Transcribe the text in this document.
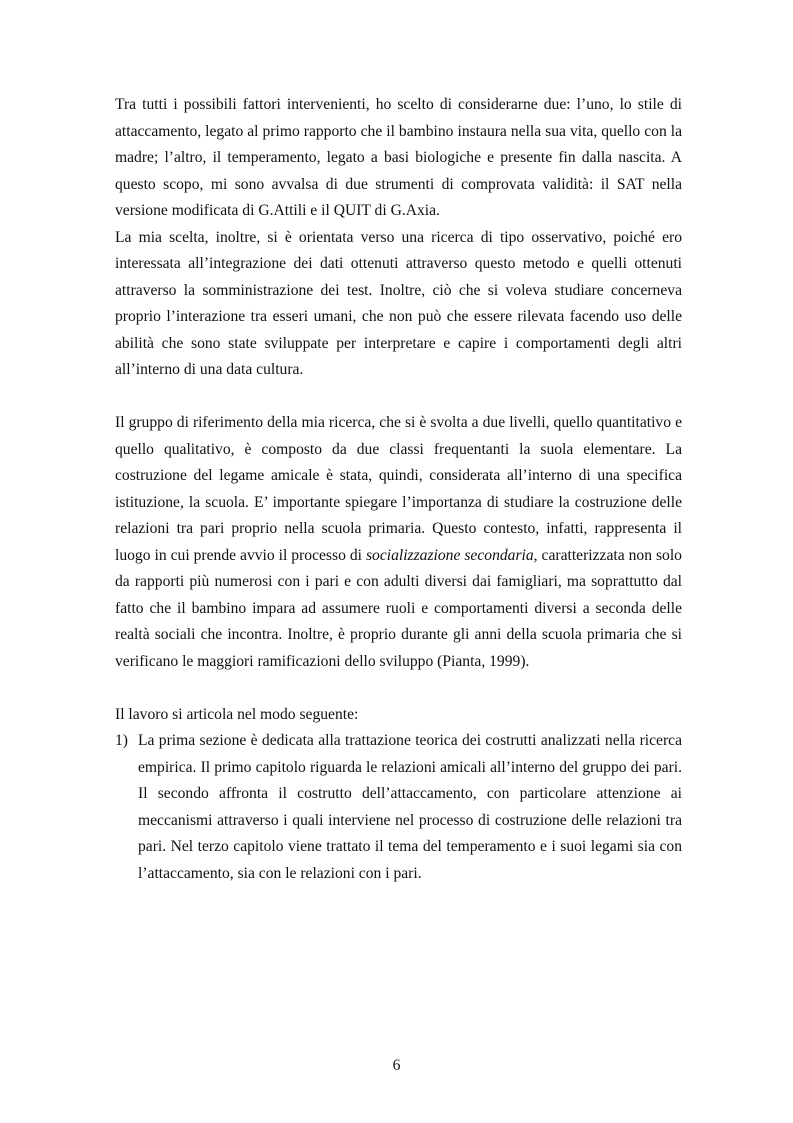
Tra tutti i possibili fattori intervenienti, ho scelto di considerarne due: l’uno, lo stile di attaccamento, legato al primo rapporto che il bambino instaura nella sua vita, quello con la madre; l’altro, il temperamento, legato a basi biologiche e presente fin dalla nascita. A questo scopo, mi sono avvalsa di due strumenti di comprovata validità: il SAT nella versione modificata di G.Attili e il QUIT di G.Axia.

La mia scelta, inoltre, si è orientata verso una ricerca di tipo osservativo, poiché ero interessata all’integrazione dei dati ottenuti attraverso questo metodo e quelli ottenuti attraverso la somministrazione dei test. Inoltre, ciò che si voleva studiare concerneva proprio l’interazione tra esseri umani, che non può che essere rilevata facendo uso delle abilità che sono state sviluppate per interpretare e capire i comportamenti degli altri all’interno di una data cultura.

Il gruppo di riferimento della mia ricerca, che si è svolta a due livelli, quello quantitativo e quello qualitativo, è composto da due classi frequentanti la suola elementare. La costruzione del legame amicale è stata, quindi, considerata all’interno di una specifica istituzione, la scuola. E’ importante spiegare l’importanza di studiare la costruzione delle relazioni tra pari proprio nella scuola primaria. Questo contesto, infatti, rappresenta il luogo in cui prende avvio il processo di socializzazione secondaria, caratterizzata non solo da rapporti più numerosi con i pari e con adulti diversi dai famigliari, ma soprattutto dal fatto che il bambino impara ad assumere ruoli e comportamenti diversi a seconda delle realtà sociali che incontra. Inoltre, è proprio durante gli anni della scuola primaria che si verificano le maggiori ramificazioni dello sviluppo (Pianta, 1999).

Il lavoro si articola nel modo seguente:

1) La prima sezione è dedicata alla trattazione teorica dei costrutti analizzati nella ricerca empirica. Il primo capitolo riguarda le relazioni amicali all’interno del gruppo dei pari. Il secondo affronta il costrutto dell’attaccamento, con particolare attenzione ai meccanismi attraverso i quali interviene nel processo di costruzione delle relazioni tra pari. Nel terzo capitolo viene trattato il tema del temperamento e i suoi legami sia con l’attaccamento, sia con le relazioni con i pari.
6
